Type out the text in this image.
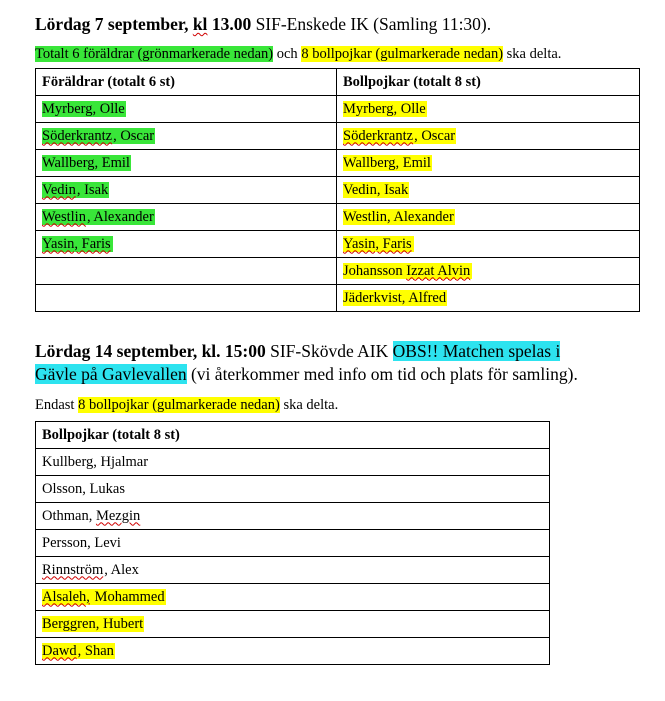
Lördag 7 september, kl 13.00 SIF-Enskede IK (Samling 11:30).
Totalt 6 föräldrar (grönmarkerade nedan) och 8 bollpojkar (gulmarkerade nedan) ska delta.
Föräldrar (totalt 6 st)	Bollpojkar (totalt 8 st)
Myrberg, Olle	Myrberg, Olle
Söderkrantz, Oscar	Söderkrantz, Oscar
Wallberg, Emil	Wallberg, Emil
Vedin, Isak	Vedin, Isak
Westlin, Alexander	Westlin, Alexander
Yasin, Faris	Yasin, Faris
	Johansson Izzat Alvin
	Jäderkvist, Alfred
Lördag 14 september, kl. 15:00 SIF-Skövde AIK OBS!! Matchen spelas i
Gävle på Gavlevallen (vi återkommer med info om tid och plats för samling).
Endast 8 bollpojkar (gulmarkerade nedan) ska delta.
Bollpojkar (totalt 8 st)
Kullberg, Hjalmar
Olsson, Lukas
Othman, Mezgin
Persson, Levi
Rinnström, Alex
Alsaleh, Mohammed
Berggren, Hubert
Dawd, Shan
